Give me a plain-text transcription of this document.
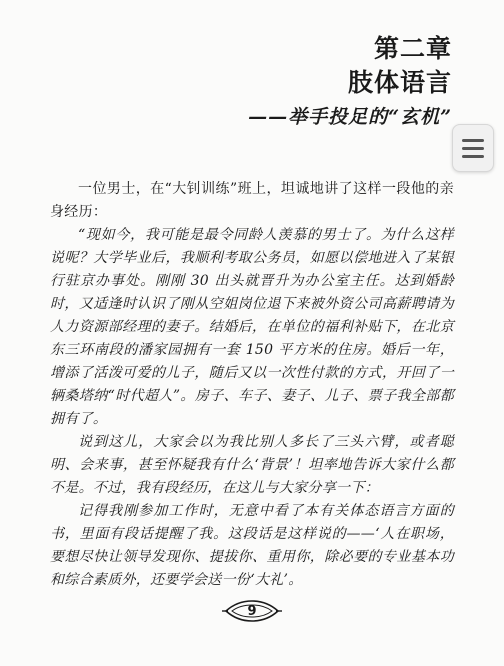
第二章
肢体语言
——举手投足的“玄机”

一位男士，在“大钊训练”班上，坦诚地讲了这样一段他的亲身经历：

“现如今，我可能是最令同龄人羡慕的男士了。为什么这样说呢？大学毕业后，我顺利考取公务员，如愿以偿地进入了某银行驻京办事处。刚刚 30 出头就晋升为办公室主任。达到婚龄时，又适逢时认识了刚从空姐岗位退下来被外资公司高薪聘请为人力资源部经理的妻子。结婚后，在单位的福利补贴下，在北京东三环南段的潘家园拥有一套 150 平方米的住房。婚后一年，增添了活泼可爱的儿子，随后又以一次性付款的方式，开回了一辆桑塔纳“时代超人”。房子、车子、妻子、儿子、票子我全部都拥有了。

说到这儿，大家会以为我比别人多长了三头六臂，或者聪明、会来事，甚至怀疑我有什么‘背景’！坦率地告诉大家什么都不是。不过，我有段经历，在这儿与大家分享一下：

记得我刚参加工作时，无意中看了本有关体态语言方面的书，里面有段话提醒了我。这段话是这样说的——‘人在职场，要想尽快让领导发现你、提拔你、重用你，除必要的专业基本功和综合素质外，还要学会送一份‘大礼’。

9
